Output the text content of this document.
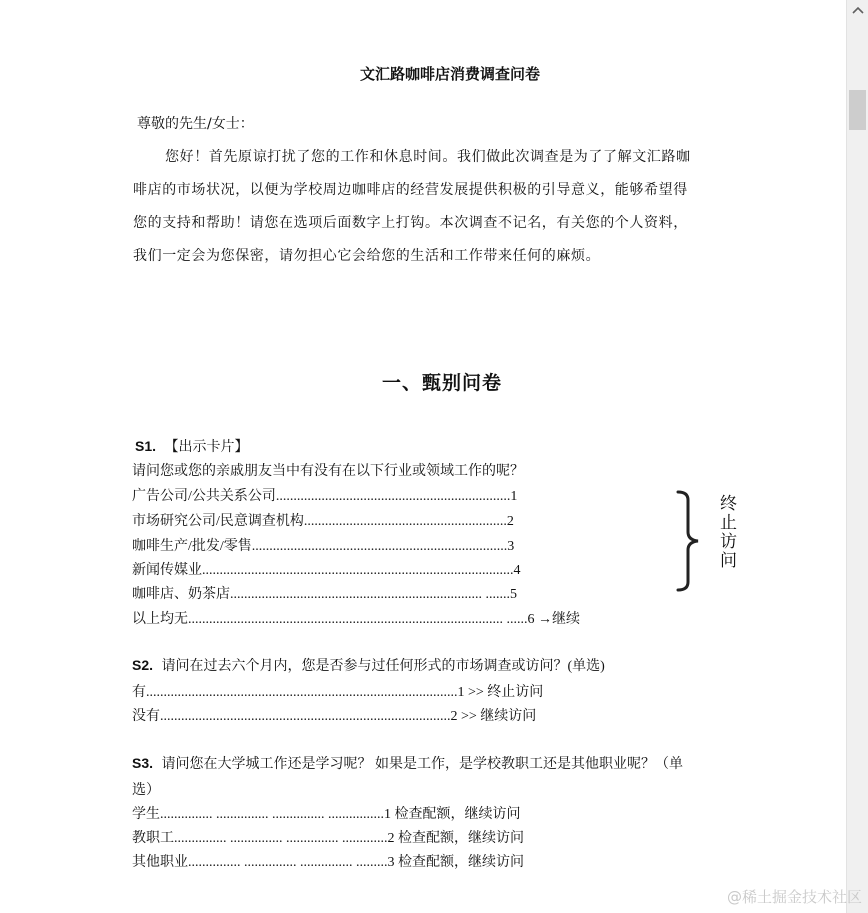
文汇路咖啡店消费调查问卷
尊敬的先生/女士：
您好！首先原谅打扰了您的工作和休息时间。我们做此次调查是为了了解文汇路咖
啡店的市场状况，以便为学校周边咖啡店的经营发展提供积极的引导意义，能够希望得
您的支持和帮助！请您在选项后面数字上打钩。本次调查不记名，有关您的个人资料，
我们一定会为您保密，请勿担心它会给您的生活和工作带来任何的麻烦。
一、甄别问卷
S1. 【出示卡片】
请问您或您的亲戚朋友当中有没有在以下行业或领域工作的呢？
广告公司/公共关系公司...................................................................1
市场研究公司/民意调查机构..........................................................2
咖啡生产/批发/零售.........................................................................3
新闻传媒业.........................................................................................4
咖啡店、奶茶店........................................................................ .......5
以上均无.......................................................................................... ......6 →继续
终止访问
S2. 请问在过去六个月内，您是否参与过任何形式的市场调查或访问？(单选)
有.........................................................................................1 >> 终止访问
没有...................................................................................2 >> 继续访问
S3. 请问您在大学城工作还是学习呢？ 如果是工作，是学校教职工还是其他职业呢？（单
选）
学生............... ............... ............... ................1 检查配额，继续访问
教职工............... ............... ............... .............2 检查配额，继续访问
其他职业............... ............... ............... .........3 检查配额，继续访问
@稀土掘金技术社区
